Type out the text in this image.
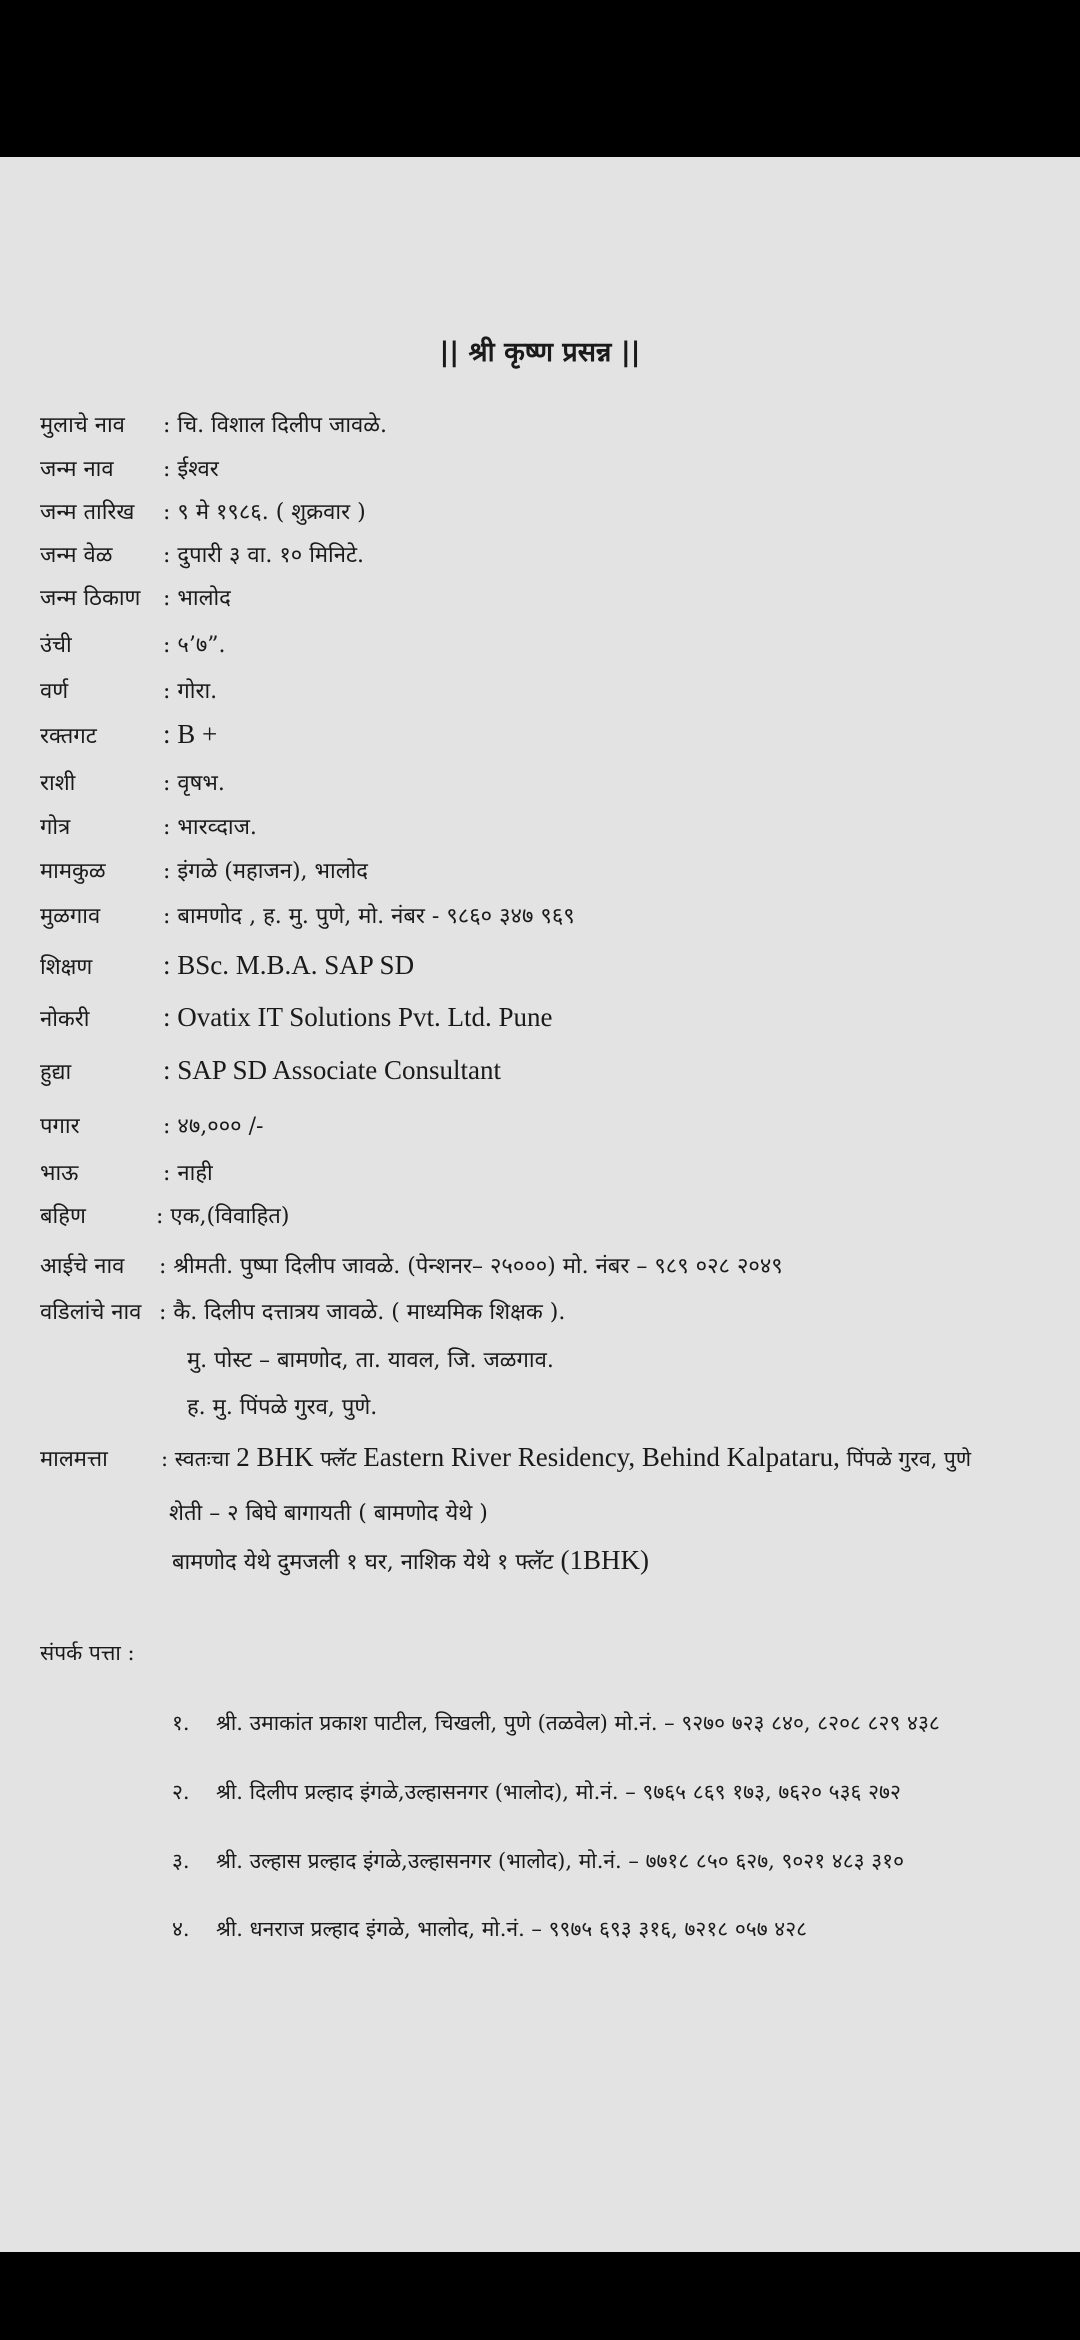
|| श्री कृष्ण प्रसन्न ||
मुलाचे नाव	: चि. विशाल दिलीप जावळे.
जन्म नाव	: ईश्वर
जन्म तारिख	: ९ मे १९८६. ( शुक्रवार )
जन्म वेळ	: दुपारी ३ वा. १० मिनिटे.
जन्म ठिकाण	: भालोद
उंची	: ५’७”.
वर्ण	: गोरा.
रक्तगट	: B +
राशी	: वृषभ.
गोत्र	: भारव्दाज.
मामकुळ	: इंगळे (महाजन), भालोद
मुळगाव	: बामणोद , ह. मु. पुणे, मो. नंबर - ९८६० ३४७ ९६९
शिक्षण	: BSc. M.B.A. SAP SD
नोकरी	: Ovatix IT Solutions Pvt. Ltd. Pune
हुद्या	: SAP SD Associate Consultant
पगार	: ४७,००० /-
भाऊ	: नाही
बहिण	: एक,(विवाहित)
आईचे नाव	: श्रीमती. पुष्पा दिलीप जावळे. (पेन्शनर– २५०००) मो. नंबर – ९८९ ०२८ २०४९
वडिलांचे नाव : कै. दिलीप दत्तात्रय जावळे. ( माध्यमिक शिक्षक ).
मु. पोस्ट – बामणोद, ता. यावल, जि. जळगाव.
ह. मु. पिंपळे गुरव, पुणे.
मालमत्ता	: स्वतःचा 2 BHK फ्लॅट Eastern River Residency, Behind Kalpataru, पिंपळे गुरव, पुणे
शेती – २ बिघे बागायती ( बामणोद येथे )
बामणोद येथे दुमजली १ घर, नाशिक येथे १ फ्लॅट (1BHK)
संपर्क पत्ता :
१.	श्री. उमाकांत प्रकाश पाटील, चिखली, पुणे (तळवेल) मो.नं. – ९२७० ७२३ ८४०, ८२०८ ८२९ ४३८
२.	श्री. दिलीप प्रल्हाद इंगळे,उल्हासनगर (भालोद), मो.नं. – ९७६५ ८६९ १७३, ७६२० ५३६ २७२
३.	श्री. उल्हास प्रल्हाद इंगळे,उल्हासनगर (भालोद), मो.नं. – ७७१८ ८५० ६२७, ९०२१ ४८३ ३१०
४.	श्री. धनराज प्रल्हाद इंगळे, भालोद, मो.नं. – ९९७५ ६९३ ३१६, ७२१८ ०५७ ४२८
